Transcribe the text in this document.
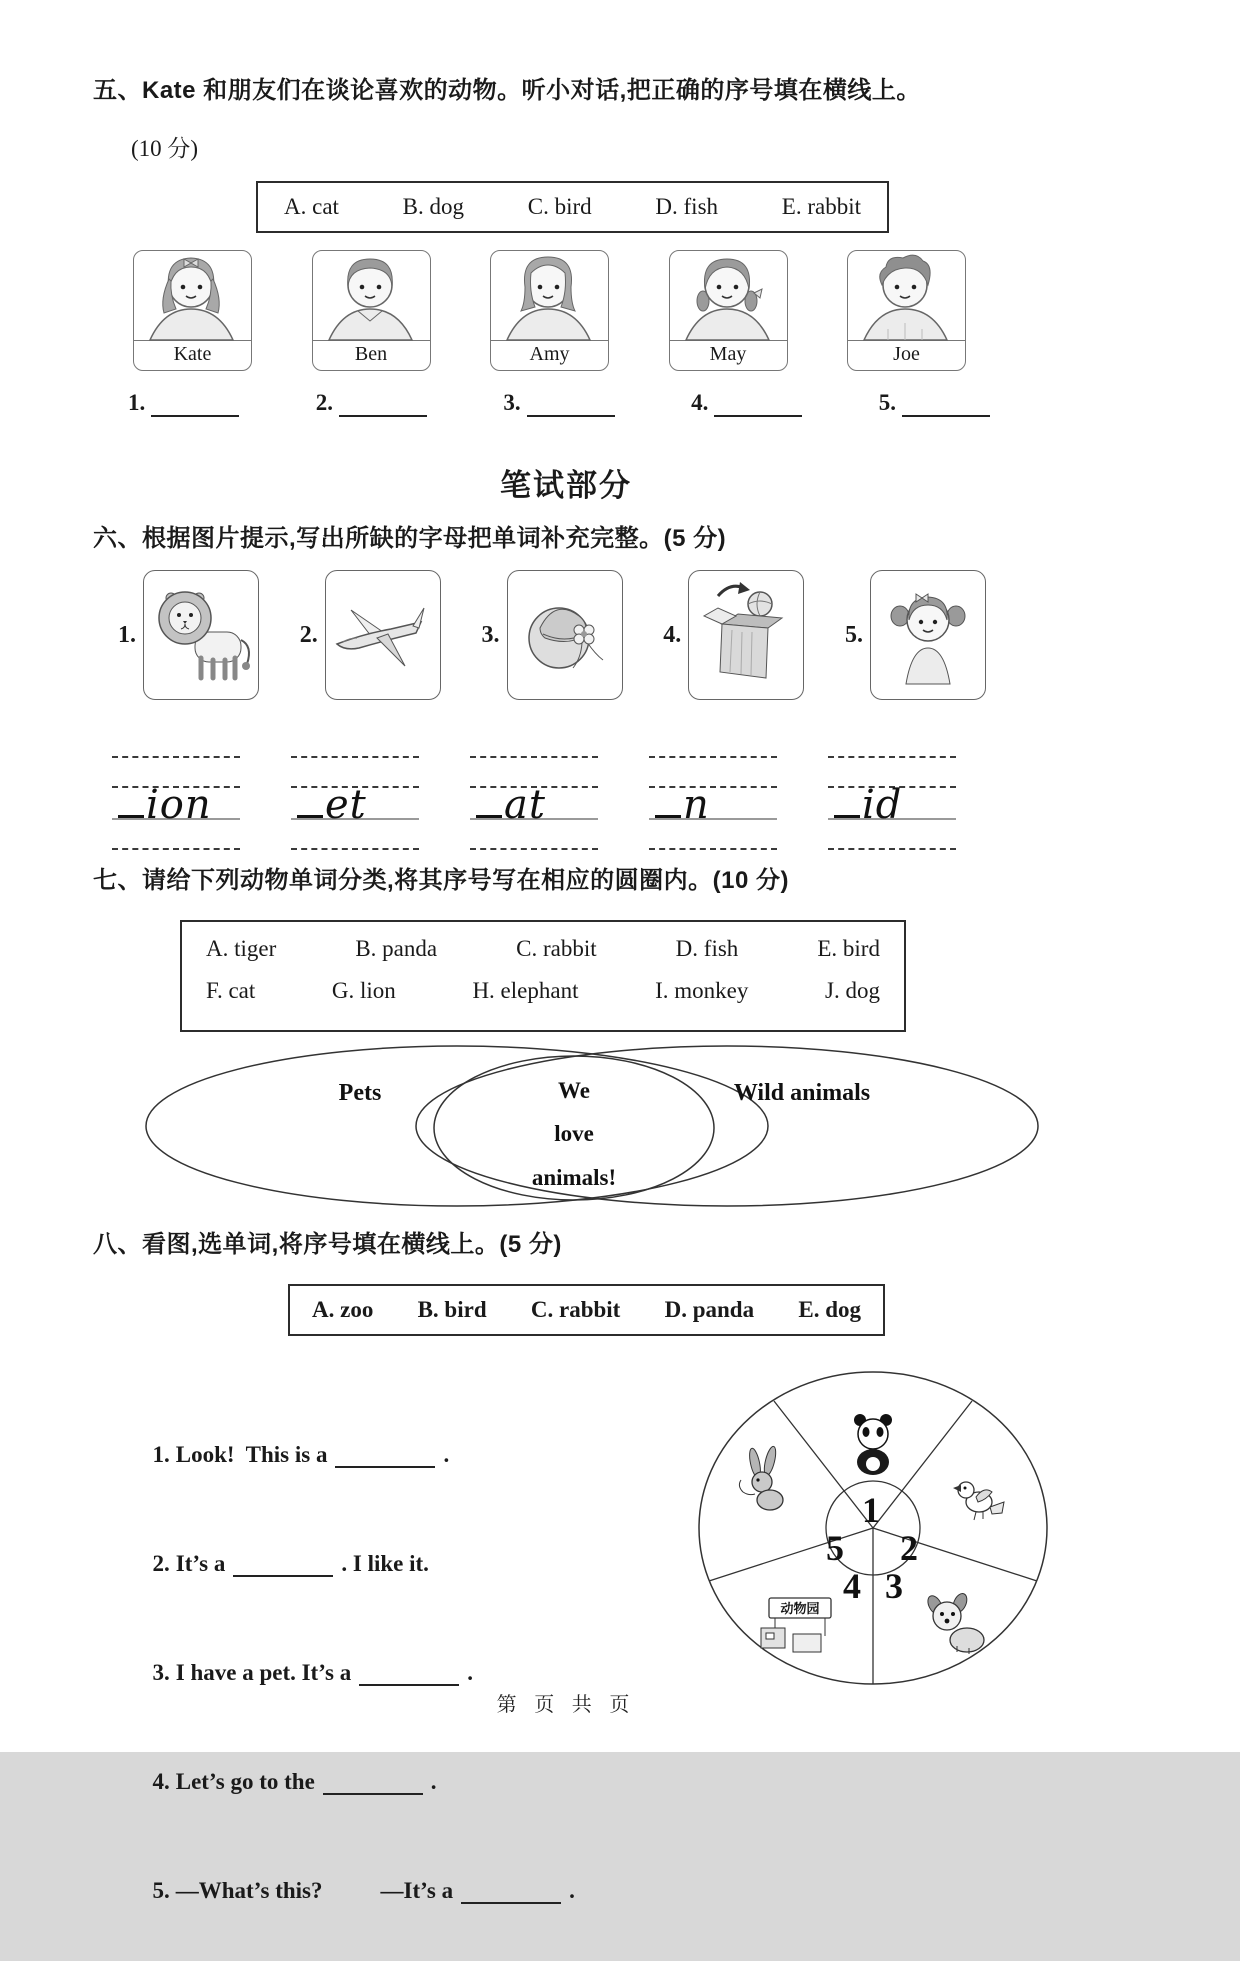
五、Kate 和朋友们在谈论喜欢的动物。听小对话,把正确的序号填在横线上。
(10 分)
A. cat	B. dog	C. bird	D. fish	E. rabbit
Kate	Ben	Amy	May	Joe
1.	2.	3.	4.	5.
笔试部分
六、根据图片提示,写出所缺的字母把单词补充完整。(5 分)
1.	2.	3.	4.	5.
ion	et	at	n	id
七、请给下列动物单词分类,将其序号写在相应的圆圈内。(10 分)
A. tiger	B. panda	C. rabbit	D. fish	E. bird
F. cat	G. lion	H. elephant	I. monkey	J. dog
Pets	Wild animals
We
love
animals!
八、看图,选单词,将序号填在横线上。(5 分)
A. zoo B. bird C. rabbit D. panda E. dog

1. Look!  This is a	.

2. It’s a	. I like it.

3. I have a pet. It’s a	.

4. Let’s go to the	.

5. —What’s this?	—It’s a	.

动物园
1
2
3
4
5
第 页 共 页
